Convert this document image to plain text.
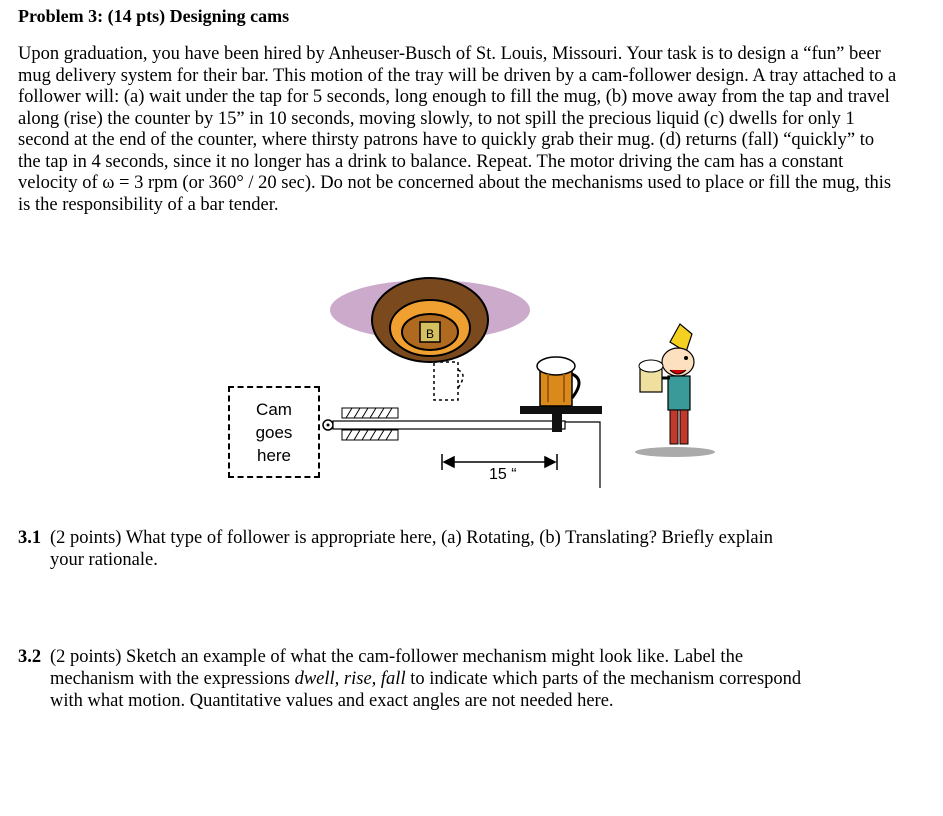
Problem 3: (14 pts) Designing cams

Upon graduation, you have been hired by Anheuser-Busch of St. Louis, Missouri. Your task is to design a “fun” beer mug delivery system for their bar. This motion of the tray will be driven by a cam-follower design. A tray attached to a follower will: (a) wait under the tap for 5 seconds, long enough to fill the mug, (b) move away from the tap and travel along (rise) the counter by 15” in 10 seconds, moving slowly, to not spill the precious liquid (c) dwells for only 1 second at the end of the counter, where thirsty patrons have to quickly grab their mug. (d) returns (fall) “quickly” to the tap in 4 seconds, since it no longer has a drink to balance. Repeat. The motor driving the cam has a constant velocity of ω = 3 rpm (or 360° / 20 sec). Do not be concerned about the mechanisms used to place or fill the mug, this is the responsibility of a bar tender.

B
Cam
goes
here
15 “
3.1 (2 points) What type of follower is appropriate here, (a) Rotating, (b) Translating? Briefly explain
your rationale.
3.2 (2 points) Sketch an example of what the cam-follower mechanism might look like. Label the
mechanism with the expressions dwell, rise, fall to indicate which parts of the mechanism correspond
with what motion. Quantitative values and exact angles are not needed here.
